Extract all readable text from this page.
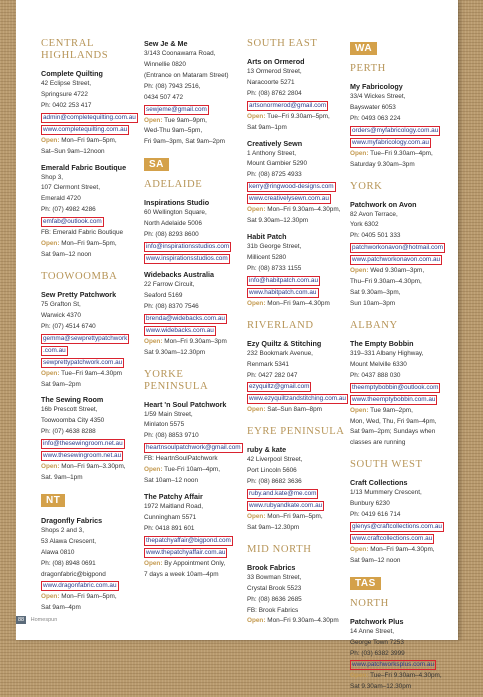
CENTRAL HIGHLANDS
Complete Quilting
42 Eclipse Street,
Springsure 4722
Ph: 0402 253 417
admin@completequilting.com.au
www.completequilting.com.au
Open: Mon–Fri 9am–5pm,
Sat–Sun 9am–12noon
Emerald Fabric Boutique
Shop 3,
107 Clermont Street,
Emerald 4720
Ph: (07) 4982 4286
emfab@outlook.com
FB: Emerald Fabric Boutique
Open: Mon–Fri 9am–5pm,
Sat 9am–12 noon
TOOWOOMBA
Sew Pretty Patchwork
75 Grafton St,
Warwick 4370
Ph: (07) 4514 6740
gemma@sewprettypatchwork
.com.au
sewprettypatchwork.com.au
Open: Tue–Fri 9am–4.30pm
Sat 9am–2pm
The Sewing Room
16b Prescott Street,
Toowoomba City 4350
Ph: (07) 4638 8288
info@thesewingroom.net.au
www.thesewingroom.net.au
Open: Mon–Fri 9am–3.30pm,
Sat. 9am–1pm
NT
Dragonfly Fabrics
Shops 2 and 3,
53 Alawa Crescent,
Alawa 0810
Ph: (08) 8948 0691
dragonfabric@bigpond
www.dragonfabric.com.au
Open: Mon–Fri 9am–5pm,
Sat 9am–4pm
Sew Je & Me
3/143 Coonawarra Road,
Winnellie 0820
(Entrance on Mataram Street)
Ph: (08) 7943 2516,
0434 507 472
sewjeme@gmail.com
Open: Tue 9am–9pm,
Wed-Thu 9am–5pm,
Fri 9am–3pm, Sat 9am–2pm
SA
ADELAIDE
Inspirations Studio
60 Wellington Square,
North Adelaide 5006
Ph: (08) 8293 8600
info@inspirationsstudios.com
www.inspirationsstudios.com
Widebacks Australia
22 Farrow Circuit,
Seaford 5169
Ph: (08) 8370 7546
brenda@widebacks.com.au
www.widebacks.com.au
Open: Mon–Fri 9.30am–3pm
Sat 9.30am–12.30pm
YORKE PENINSULA
Heart 'n Soul Patchwork
1/59 Main Street,
Minlaton 5575
Ph: (08) 8853 9710
heartnsoulpatchwork@gmail.com
FB: HeartnSoulPatchwork
Open: Tue-Fri 10am–4pm,
Sat 10am–12 noon
The Patchy Affair
1972 Maitland Road,
Cunningham 5571
Ph: 0418 891 601
thepatchyaffair@bigpond.com
www.thepatchyaffair.com.au
Open: By Appointment Only,
7 days a week 10am–4pm
SOUTH EAST
Arts on Ormerod
13 Ormerod Street,
Naracoorte 5271
Ph: (08) 8762 2804
artsonormerod@gmail.com
Open: Tue–Fri 9.30am–5pm,
Sat 9am–1pm
Creatively Sewn
1 Anthony Street,
Mount Gambier 5290
Ph: (08) 8725 4933
kerry@ringwood-designs.com
www.creativelysewn.com.au
Open: Mon–Fri 9.30am–4.30pm,
Sat 9.30am–12.30pm
Habit Patch
31b George Street,
Millicent 5280
Ph: (08) 8733 1155
info@habitpatch.com.au
www.habitpatch.com.au
Open: Mon–Fri 9am–4.30pm
RIVERLAND
Ezy Quiltz & Stitching
232 Bookmark Avenue,
Renmark 5341
Ph: 0427 282 047
ezyquiltz@gmail.com
www.ezyquiltzandstitching.com.au
Open: Sat–Sun 8am–8pm
EYRE PENINSULA
ruby & kate
42 Liverpool Street,
Port Lincoln 5606
Ph: (08) 8682 3636
ruby.and.kate@me.com
www.rubyandkate.com.au
Open: Mon–Fri 9am–5pm,
Sat 9am–12.30pm
MID NORTH
Brook Fabrics
33 Bowman Street,
Crystal Brook 5523
Ph: (08) 8636 2685
FB: Brook Fabrics
Open: Mon–Fri 9.30am–4.30pm
WA
PERTH
My Fabricology
33/4 Wickes Street,
Bayswater 6053
Ph: 0493 063 224
orders@myfabricology.com.au
www.myfabricology.com.au
Open: Tue–Fri 9.30am–4pm,
Saturday 9.30am–3pm
YORK
Patchwork on Avon
82 Avon Terrace,
York 6302
Ph: 0405 501 333
patchworkonavon@hotmail.com
www.patchworkonavon.com.au
Open: Wed 9.30am–3pm,
Thu–Fri 9.30am–4.30pm,
Sat 9.30am–3pm,
Sun 10am–3pm
ALBANY
The Empty Bobbin
319–331 Albany Highway,
Mount Melville 6330
Ph: 0437 888 030
theemptybobbin@outlook.com
www.theemptybobbin.com.au
Open: Tue 9am–2pm,
Mon, Wed, Thu, Fri 9am–4pm,
Sat 9am–2pm; Sundays when
classes are running
SOUTH WEST
Craft Collections
1/13 Mummery Crescent,
Bunbury 6230
Ph: 0419 616 714
glenys@craftcollections.com.au
www.craftcollections.com.au
Open: Mon–Fri 9am–4.30pm,
Sat 9am–12 noon
TAS
NORTH
Patchwork Plus
14 Anne Street,
George Town 7253
Ph: (03) 6382 3999
www.patchworksplus.com.au
Open: Tue–Fri 9.30am–4.30pm,
Sat 9.30am–12.30pm
88 Homespun
